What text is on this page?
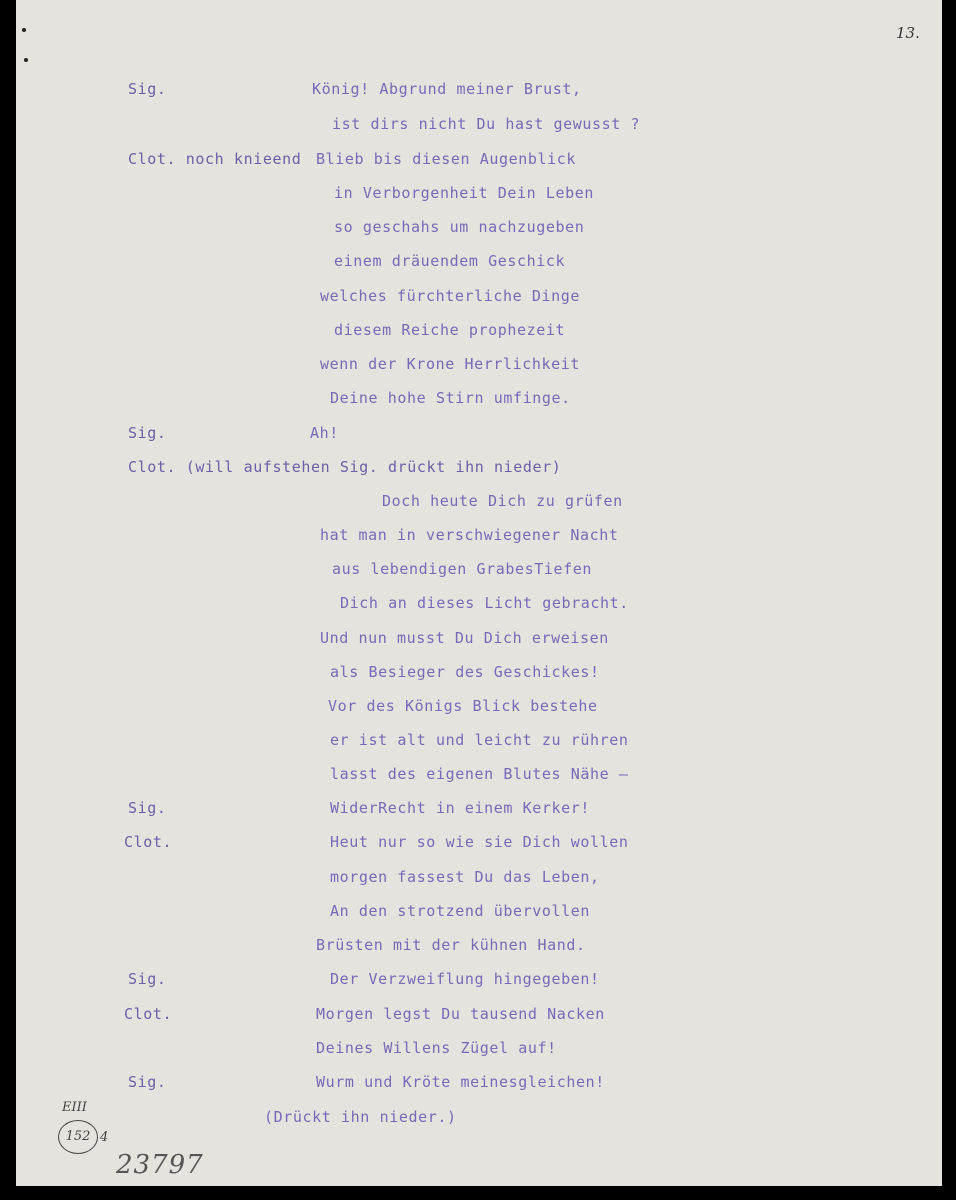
13.
Sig.	König! Abgrund meiner Brust,
ist dirs nicht Du hast gewusst ?
Clot. noch knieend Blieb bis diesen Augenblick
in Verborgenheit Dein Leben
so geschahs um nachzugeben
einem dräuendem Geschick
welches fürchterliche Dinge
diesem Reiche prophezeit
wenn der Krone Herrlichkeit
Deine hohe Stirn umfinge.
Sig.	Ah!
Clot. (will aufstehen Sig. drückt ihn nieder)
Doch heute Dich zu grüfen
hat man in verschwiegener Nacht
aus lebendigen GrabesTiefen
Dich an dieses Licht gebracht.
Und nun musst Du Dich erweisen
als Besieger des Geschickes!
Vor des Königs Blick bestehe
er ist alt und leicht zu rühren
lasst des eigenen Blutes Nähe —
Sig.	WiderRecht in einem Kerker!
Clot.	Heut nur so wie sie Dich wollen
morgen fassest Du das Leben,
An den strotzend übervollen
Brüsten mit der kühnen Hand.
Sig.	Der Verzweiflung hingegeben!
Clot.	Morgen legst Du tausend Nacken
Deines Willens Zügel auf!
Sig.	Wurm und Kröte meinesgleichen!
(Drückt ihn nieder.)
EIII
152 4
23797
